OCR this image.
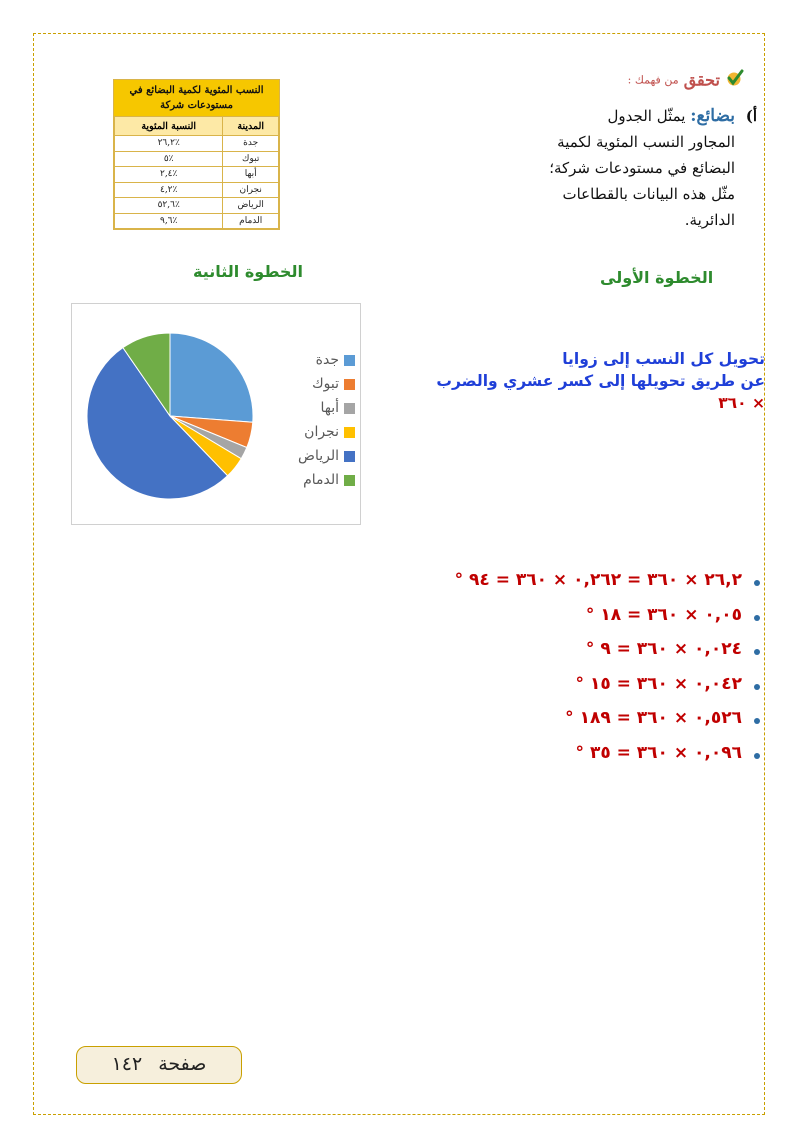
تحقق من فهمك :
أ) بضائع: يمثّل الجدول
المجاور النسب المئوية لكمية
البضائع في مستودعات شركة؛
مثّل هذه البيانات بالقطاعات
الدائرية.
النسب المئوية لكمية البضائع في
مستودعات شركة
المدينة	النسبة المئوية
جدة	٪٢٦,٢
تبوك	٪٥
أبها	٪٢,٤
نجران	٪٤,٢
الرياض	٪٥٢,٦
الدمام	٪٩,٦
الخطوة الأولى
الخطوة الثانية
تحويل كل النسب إلى زوايا
عن طريق تحويلها إلى كسر عشري والضرب
× ٣٦٠
جدة
تبوك
أبها
نجران
الرياض
الدمام
٢٦,٢ × ٣٦٠ = ٠,٢٦٢ × ٣٦٠ = ٩٤ °
٠,٠٥ × ٣٦٠ = ١٨ °
٠,٠٢٤ × ٣٦٠ = ٩ °
٠,٠٤٢ × ٣٦٠ = ١٥ °
٠,٥٢٦ × ٣٦٠ = ١٨٩ °
٠,٠٩٦ × ٣٦٠ = ٣٥ °
صفحة١٤٢
